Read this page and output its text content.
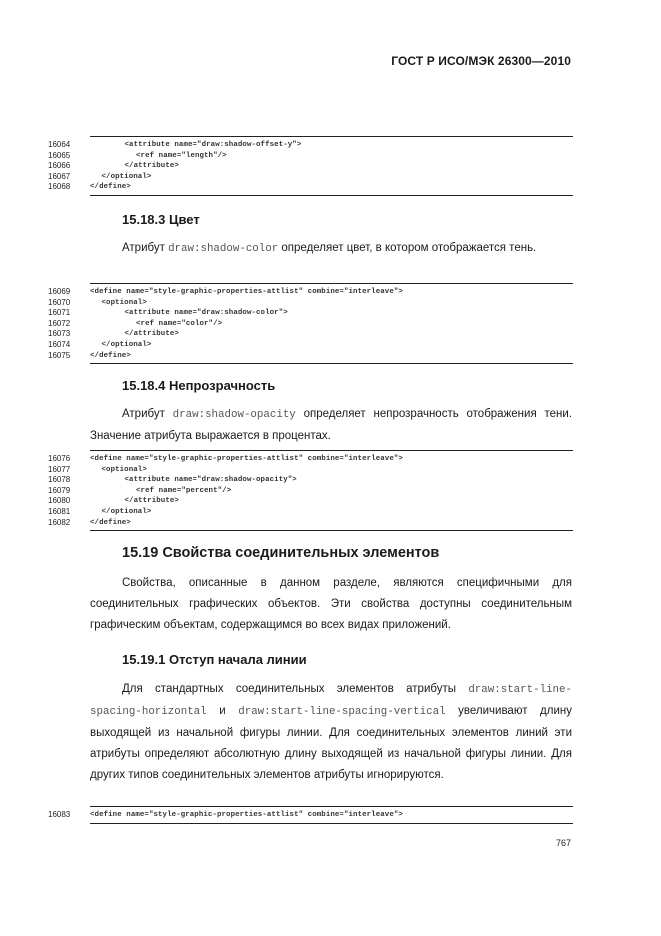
ГОСТ Р ИСО/МЭК 26300—2010
16064	<attribute name="draw:shadow-offset-y">
16065	<ref name="length"/>
16066	</attribute>
16067	</optional>
16068	</define>
15.18.3 Цвет
Атрибут draw:shadow-color определяет цвет, в котором отображается тень.
16069	<define name="style-graphic-properties-attlist" combine="interleave">
16070	<optional>
16071	<attribute name="draw:shadow-color">
16072	<ref name="color"/>
16073	</attribute>
16074	</optional>
16075	</define>
15.18.4 Непрозрачность
Атрибут draw:shadow-opacity определяет непрозрачность отображения тени. Значение атрибута выражается в процентах.
16076	<define name="style-graphic-properties-attlist" combine="interleave">
16077	<optional>
16078	<attribute name="draw:shadow-opacity">
16079	<ref name="percent"/>
16080	</attribute>
16081	</optional>
16082	</define>
15.19 Свойства соединительных элементов
Свойства, описанные в данном разделе, являются специфичными для соединительных графических объектов. Эти свойства доступны соединительным графическим объектам, содержащимся во всех видах приложений.
15.19.1 Отступ начала линии
Для стандартных соединительных элементов атрибуты draw:start-line-spacing-horizontal и draw:start-line-spacing-vertical увеличивают длину выходящей из начальной фигуры линии. Для соединительных элементов линий эти атрибуты определяют абсолютную длину выходящей из начальной фигуры линии. Для других типов соединительных элементов атрибуты игнорируются.
16083	<define name="style-graphic-properties-attlist" combine="interleave">
767
